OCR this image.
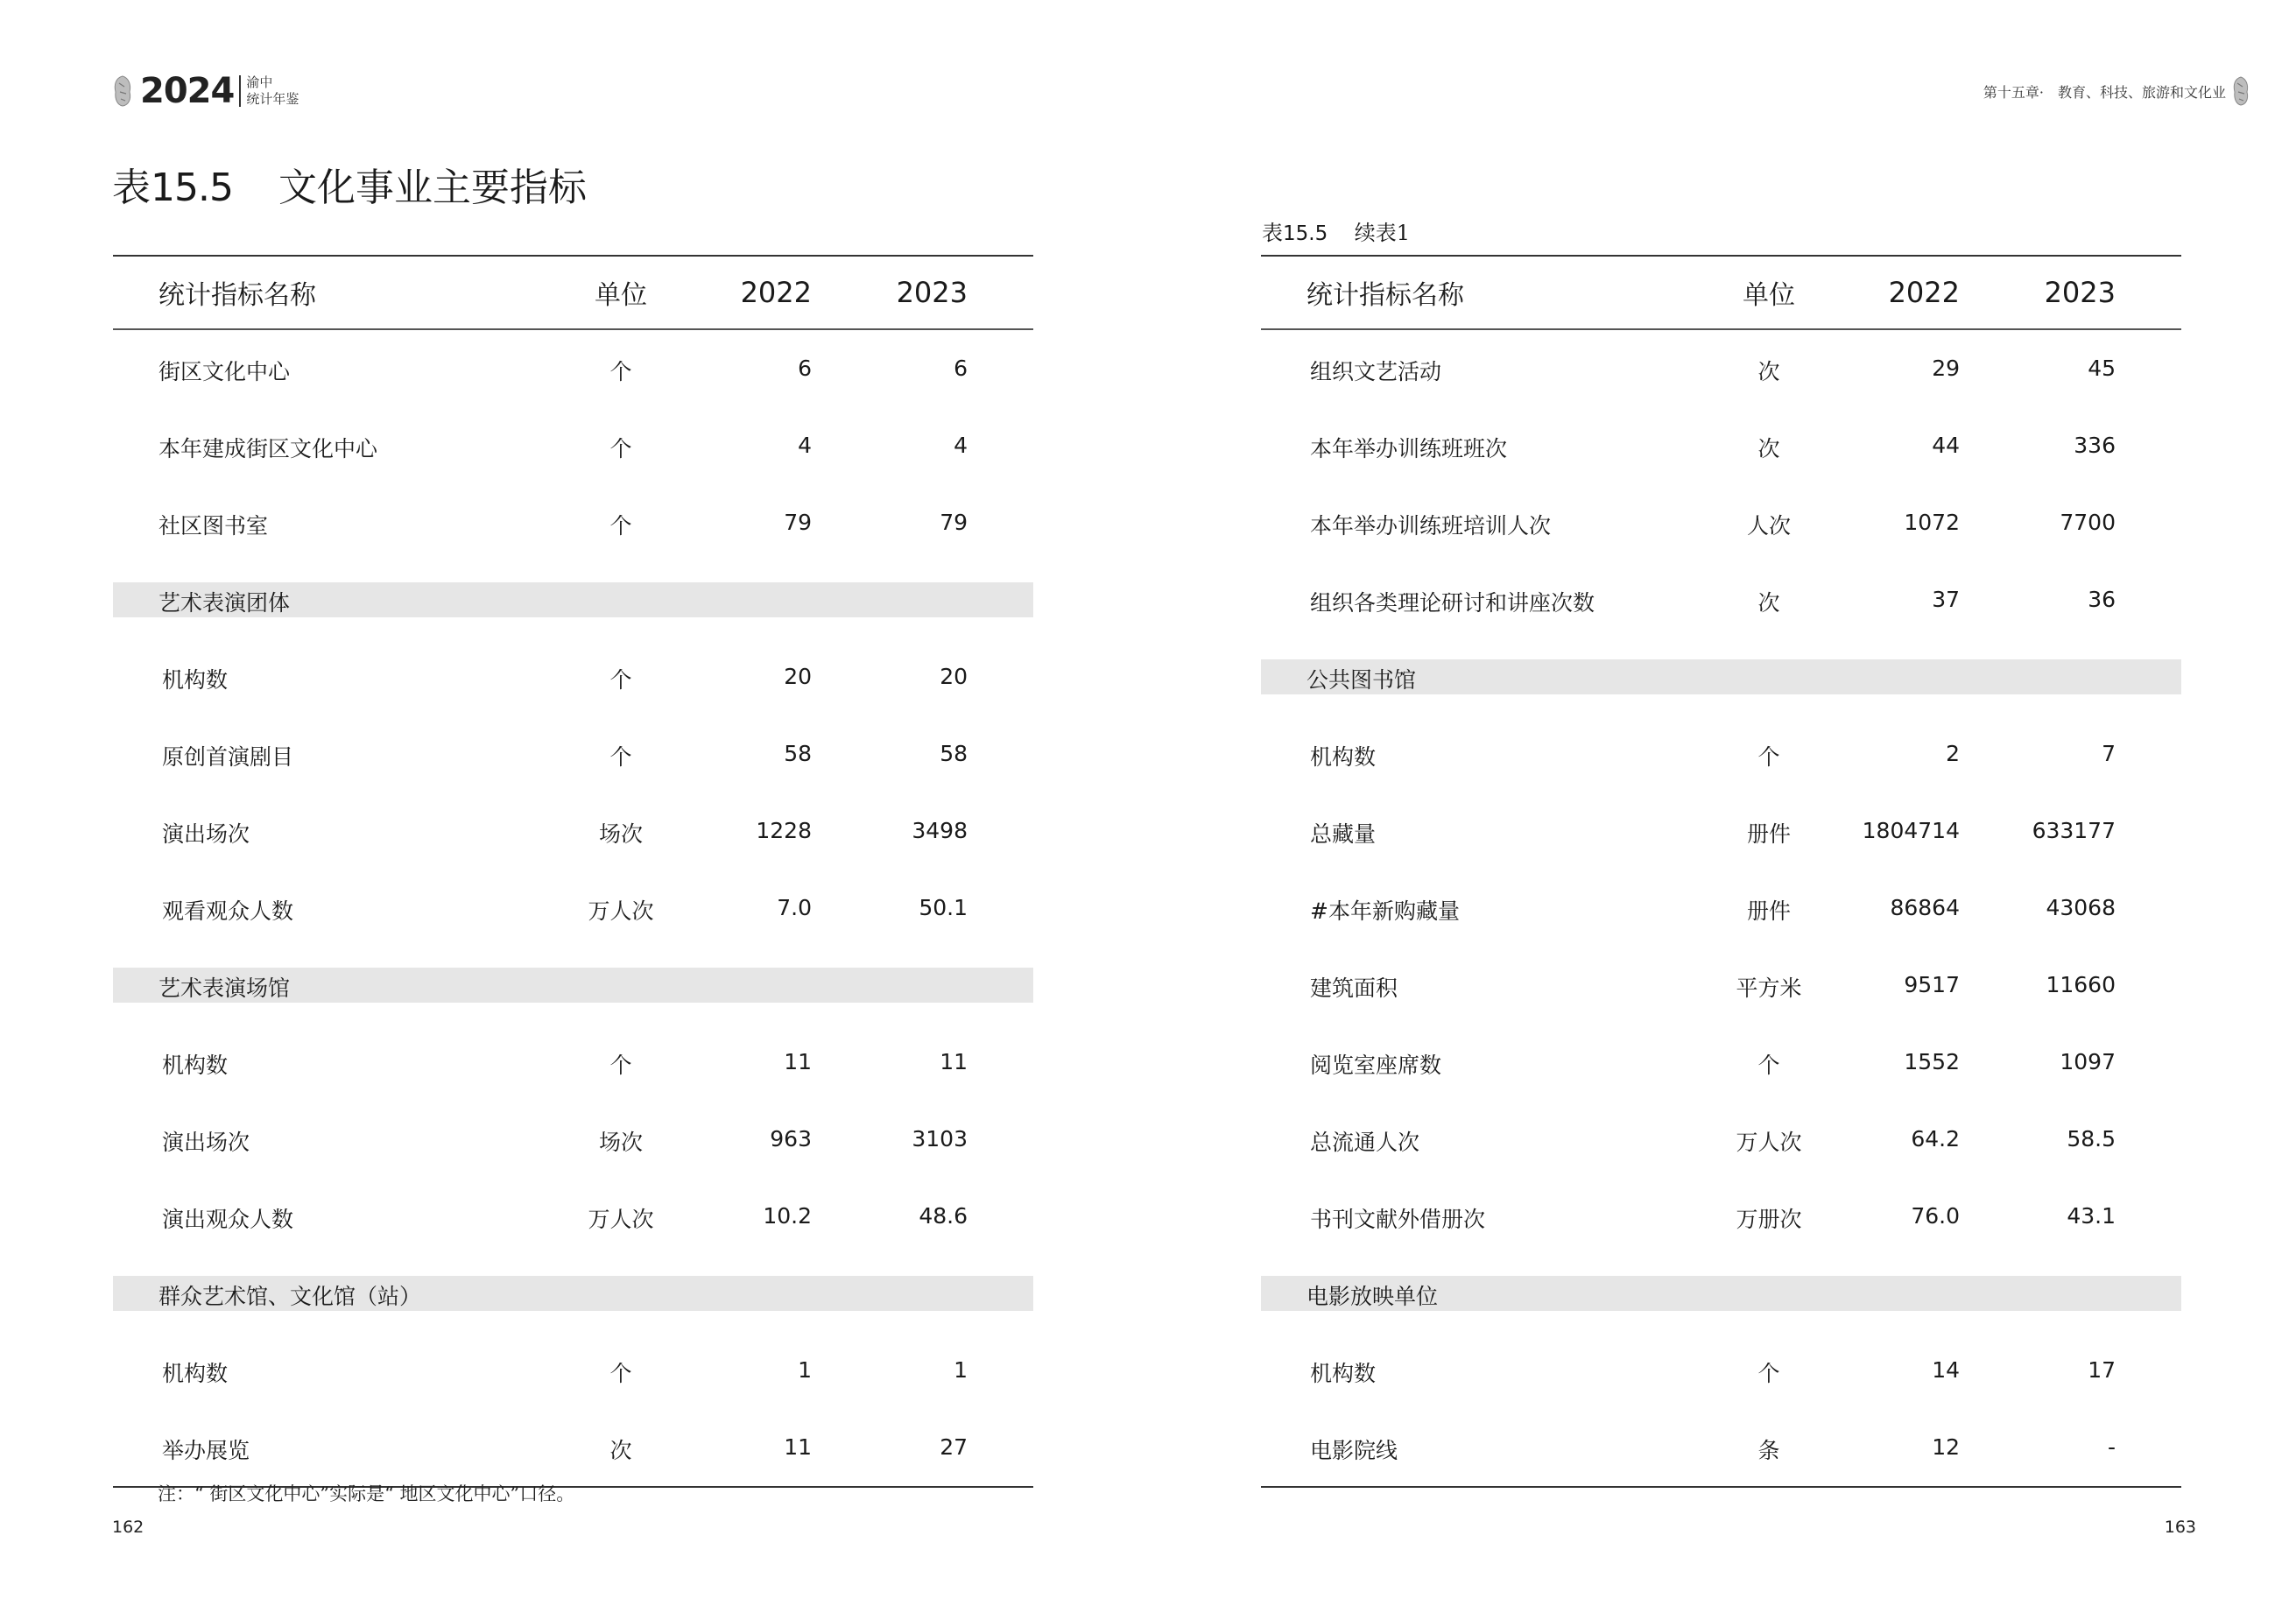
2024 渝中
统计年鉴
表15.5 文化事业主要指标
统计指标名称	单位	2022	2023
街区文化中心	个	6	6
本年建成街区文化中心	个	4	4
社区图书室	个	79	79
艺术表演团体
机构数	个	20	20
原创首演剧目	个	58	58
演出场次	场次	1228	3498
观看观众人数	万人次	7.0	50.1
艺术表演场馆
机构数	个	11	11
演出场次	场次	963	3103
演出观众人数	万人次	10.2	48.6
群众艺术馆、文化馆（站）
机构数	个	1	1
举办展览	次	11	27
注：“ 街区文化中心”实际是“ 地区文化中心”口径。
162
第十五章·　教育、科技、旅游和文化业
表15.5 续表1
统计指标名称	单位	2022	2023
组织文艺活动	次	29	45
本年举办训练班班次	次	44	336
本年举办训练班培训人次	人次	1072	7700
组织各类理论研讨和讲座次数	次	37	36
公共图书馆
机构数	个	2	7
总藏量	册件	1804714	633177
#本年新购藏量	册件	86864	43068
建筑面积	平方米	9517	11660
阅览室座席数	个	1552	1097
总流通人次	万人次	64.2	58.5
书刊文献外借册次	万册次	76.0	43.1
电影放映单位
机构数	个	14	17
电影院线	条	12	-
163
